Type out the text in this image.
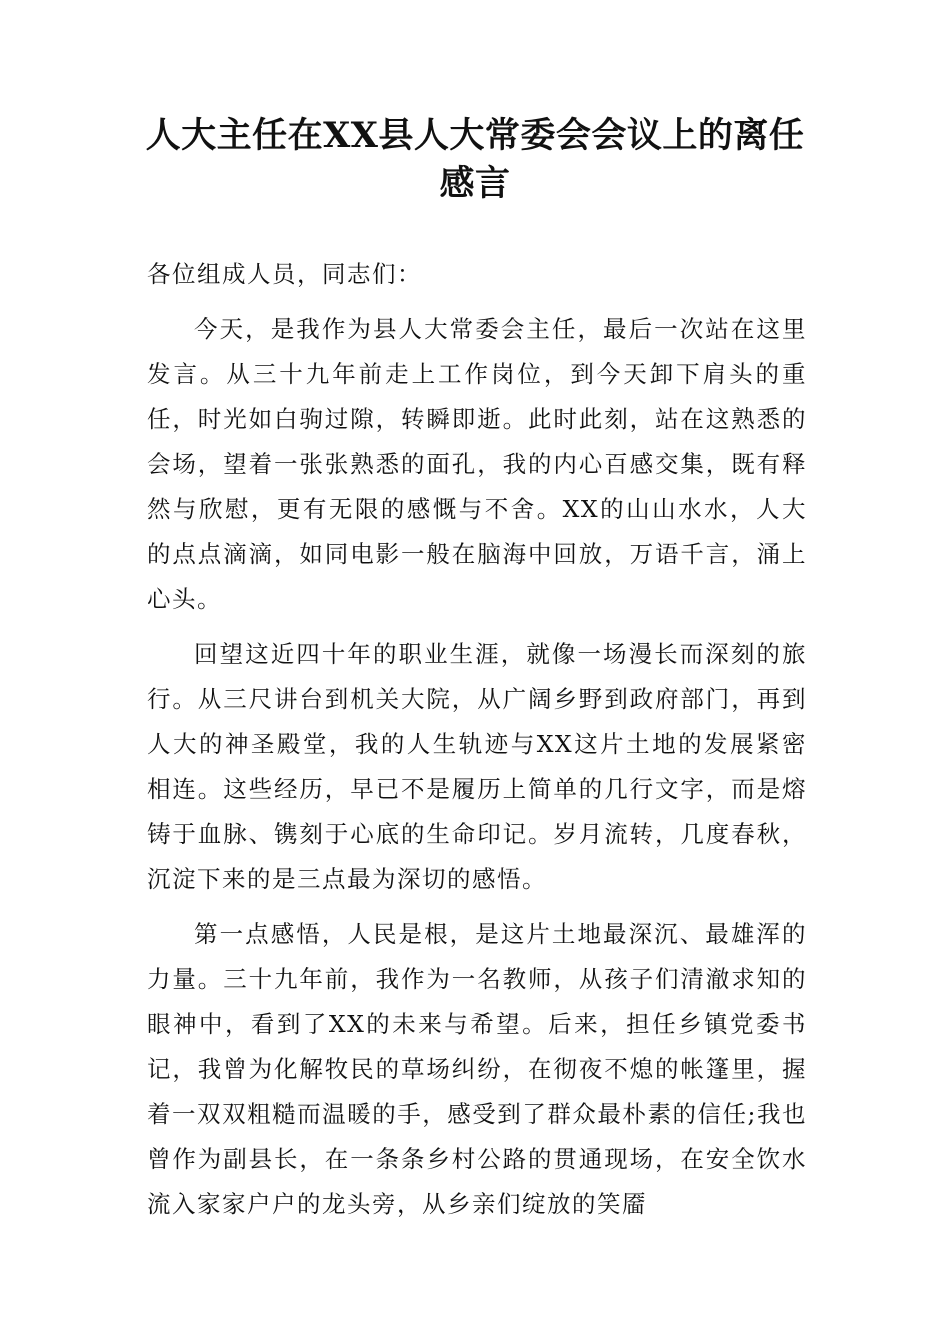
人大主任在XX县人大常委会会议上的离任感言

各位组成人员，同志们：

今天，是我作为县人大常委会主任，最后一次站在这里发言。从三十九年前走上工作岗位，到今天卸下肩头的重任，时光如白驹过隙，转瞬即逝。此时此刻，站在这熟悉的会场，望着一张张熟悉的面孔，我的内心百感交集，既有释然与欣慰，更有无限的感慨与不舍。XX的山山水水，人大的点点滴滴，如同电影一般在脑海中回放，万语千言，涌上心头。

回望这近四十年的职业生涯，就像一场漫长而深刻的旅行。从三尺讲台到机关大院，从广阔乡野到政府部门，再到人大的神圣殿堂，我的人生轨迹与XX这片土地的发展紧密相连。这些经历，早已不是履历上简单的几行文字，而是熔铸于血脉、镌刻于心底的生命印记。岁月流转，几度春秋，沉淀下来的是三点最为深切的感悟。

第一点感悟，人民是根，是这片土地最深沉、最雄浑的力量。三十九年前，我作为一名教师，从孩子们清澈求知的眼神中，看到了XX的未来与希望。后来，担任乡镇党委书记，我曾为化解牧民的草场纠纷，在彻夜不熄的帐篷里，握着一双双粗糙而温暖的手，感受到了群众最朴素的信任;我也曾作为副县长，在一条条乡村公路的贯通现场，在安全饮水流入家家户户的龙头旁，从乡亲们绽放的笑靥
